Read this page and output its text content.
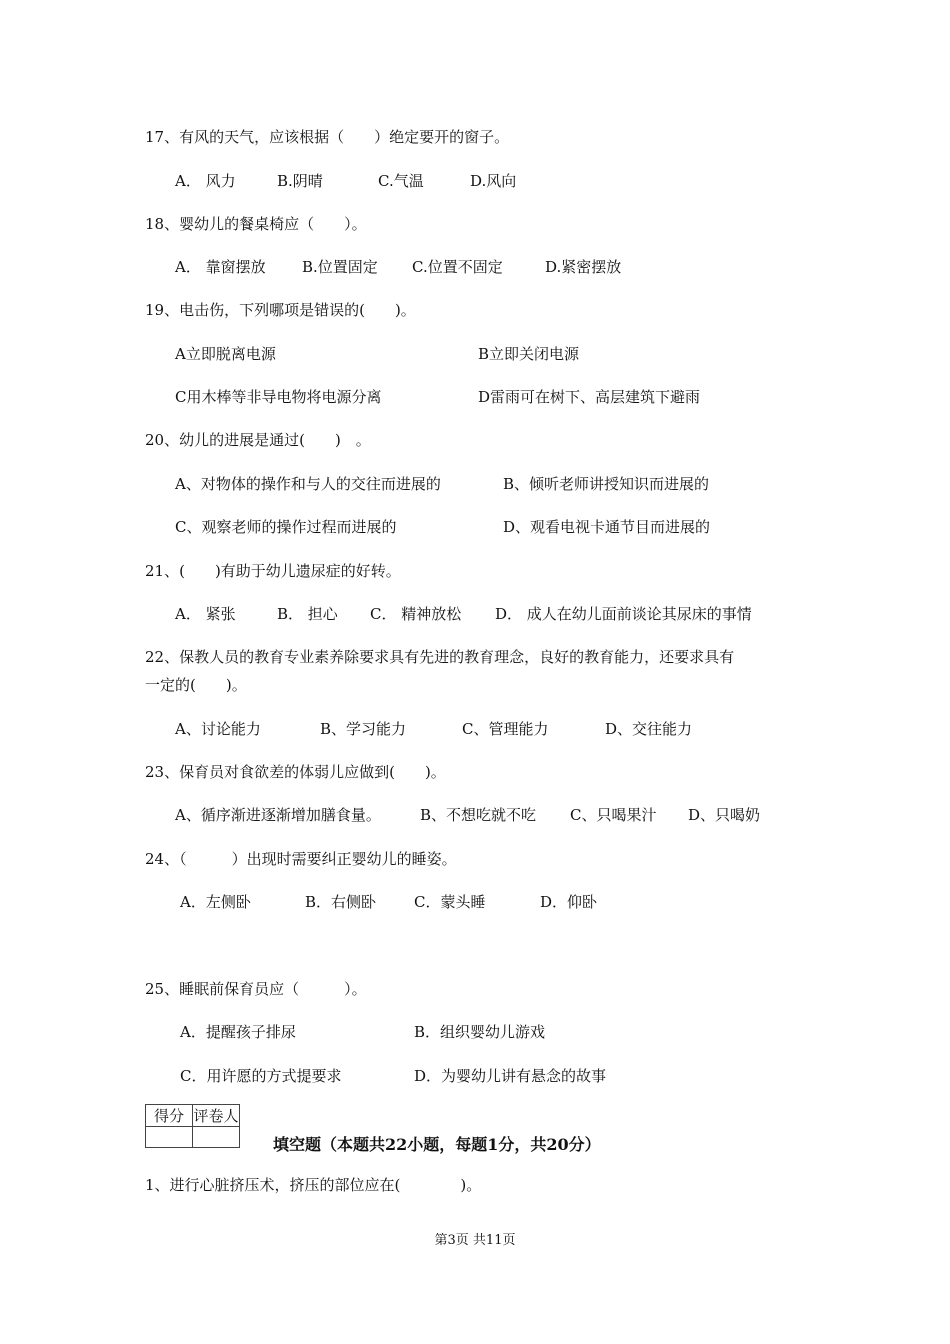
17、有风的天气，应该根据（　　）绝定要开的窗子。
A． 风力	B.阴晴	C.气温	D.风向
18、婴幼儿的餐桌椅应（　　）。
A． 靠窗摆放 B.位置固定 C.位置不固定	D.紧密摆放
19、电击伤，下列哪项是错误的(　　)。
A立即脱离电源	B立即关闭电源
C用木棒等非导电物将电源分离	D雷雨可在树下、高层建筑下避雨
20、幼儿的进展是通过(　　)　。
A、对物体的操作和与人的交往而进展的	B、倾听老师讲授知识而进展的
C、观察老师的操作过程而进展的	D、观看电视卡通节目而进展的
21、(　　)有助于幼儿遗尿症的好转。
A． 紧张	B． 担心 C． 精神放松 D． 成人在幼儿面前谈论其尿床的事情
22、保教人员的教育专业素养除要求具有先进的教育理念，良好的教育能力，还要求具有
一定的(　　)。
A、讨论能力	B、学习能力	C、管理能力	D、交往能力
23、保育员对食欲差的体弱儿应做到(　　)。
A、循序渐进逐渐增加膳食量。	B、不想吃就不吃 C、只喝果汁 D、只喝奶
24、（　　　）出现时需要纠正婴幼儿的睡姿。
A．左侧卧	B．右侧卧	C．蒙头睡	D．仰卧
25、睡眠前保育员应（　　　）。
A．提醒孩子排尿	B．组织婴幼儿游戏
C．用许愿的方式提要求	D．为婴幼儿讲有悬念的故事
得分	评卷人

填空题（本题共22小题，每题1分，共20分）
1、进行心脏挤压术，挤压的部位应在(　　　　)。
第3页 共11页
